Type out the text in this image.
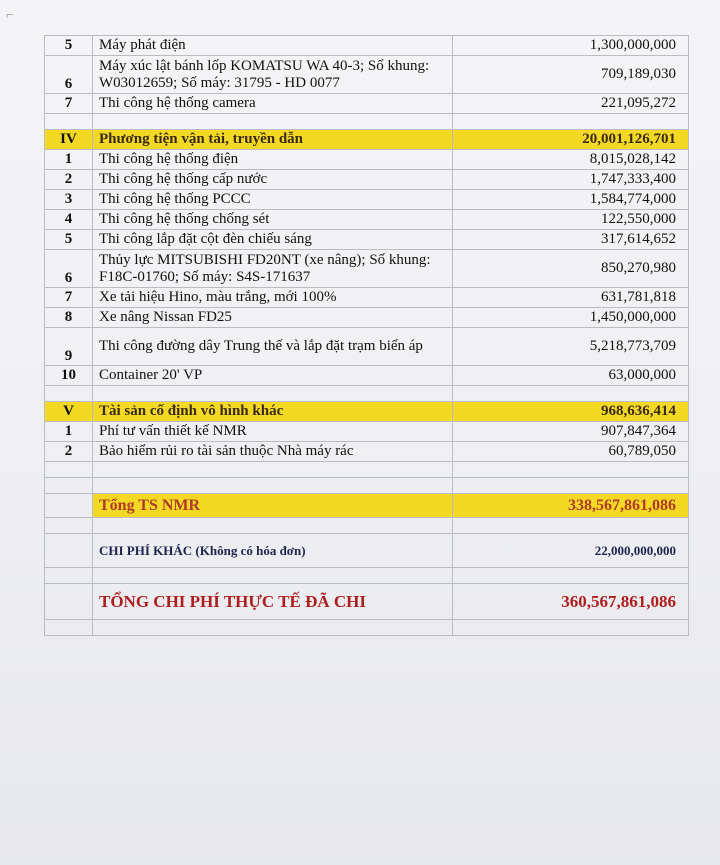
⌐
5	Máy phát điện	1,300,000,000
6	Máy xúc lật bánh lốp KOMATSU WA 40-3; Số khung: W03012659; Số máy: 31795 - HD 0077	709,189,030
7	Thi công hệ thống camera	221,095,272

IV	Phương tiện vận tải, truyền dẫn	20,001,126,701
1	Thi công hệ thống điện	8,015,028,142
2	Thi công hệ thống cấp nước	1,747,333,400
3	Thi công hệ thống PCCC	1,584,774,000
4	Thi công hệ thống chống sét	122,550,000
5	Thi công lắp đặt cột đèn chiếu sáng	317,614,652
6	Thủy lực MITSUBISHI FD20NT (xe nâng); Số khung: F18C-01760; Số máy: S4S-171637	850,270,980
7	Xe tải hiệu Hino, màu trắng, mới 100%	631,781,818
8	Xe nâng Nissan FD25	1,450,000,000
9	Thi công đường dây Trung thế và lắp đặt trạm biến áp	5,218,773,709
10	Container 20' VP	63,000,000

V	Tài sản cố định vô hình khác	968,636,414
1	Phí tư vấn thiết kế NMR	907,847,364
2	Bảo hiểm rủi ro tài sản thuộc Nhà máy rác	60,789,050

	Tổng TS NMR	338,567,861,086

	CHI PHÍ KHÁC (Không có hóa đơn)	22,000,000,000

	TỔNG CHI PHÍ THỰC TẾ ĐÃ CHI	360,567,861,086
